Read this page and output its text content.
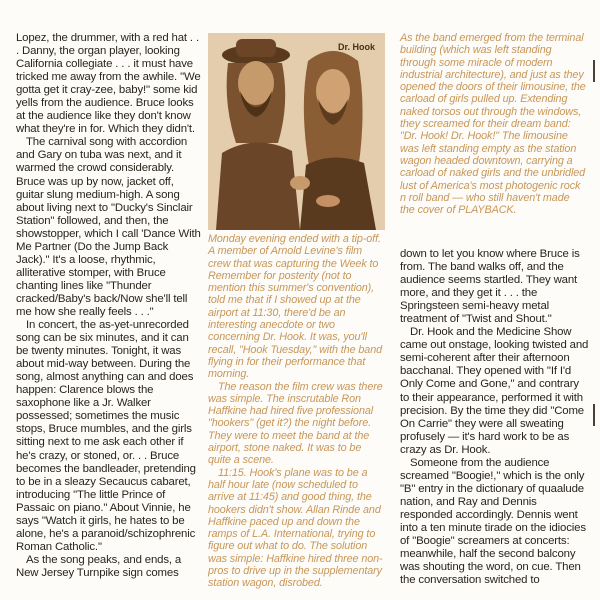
Lopez, the drummer, with a red hat . . . Danny, the organ player, looking California collegiate . . . it must have tricked me away from the awhile. "We gotta get it cray-zee, baby!" some kid yells from the audience. Bruce looks at the audience like they don't know what they're in for. Which they didn't.

The carnival song with accordion and Gary on tuba was next, and it warmed the crowd considerably. Bruce was up by now, jacket off, guitar slung medium-high. A song about living next to "Ducky's Sinclair Station" followed, and then, the showstopper, which I call 'Dance With Me Partner (Do the Jump Back Jack)." It's a loose, rhythmic, alliterative stomper, with Bruce chanting lines like "Thunder cracked/Baby's back/Now she'll tell me how she really feels . . ."

In concert, the as-yet-unrecorded song can be six minutes, and it can be twenty minutes. Tonight, it was about mid-way between. During the song, almost anything can and does happen: Clarence blows the saxophone like a Jr. Walker possessed; sometimes the music stops, Bruce mumbles, and the girls sitting next to me ask each other if he's crazy, or stoned, or. . . Bruce becomes the bandleader, pretending to be in a sleazy Secaucus cabaret, introducing "The little Prince of Passaic on piano." About Vinnie, he says "Watch it girls, he hates to be alone, he's a paranoid/schizophrenic Roman Catholic."

As the song peaks, and ends, a New Jersey Turnpike sign comes

Dr. Hook

Monday evening ended with a tip-off. A member of Arnold Levine's film crew that was capturing the Week to Remember for posterity (not to mention this summer's convention), told me that if I showed up at the airport at 11:30, there'd be an interesting anecdote or two concerning Dr. Hook. It was, you'll recall, "Hook Tuesday," with the band flying in for their performance that morning.

The reason the film crew was there was simple. The inscrutable Ron Haffkine had hired five professional "hookers" (get it?) the night before. They were to meet the band at the airport, stone naked. It was to be quite a scene.

11:15. Hook's plane was to be a half hour late (now scheduled to arrive at 11:45) and good thing, the hookers didn't show. Allan Rinde and Haffkine paced up and down the ramps of L.A. International, trying to figure out what to do. The solution was simple: Haffkine hired three non-pros to drive up in the supplementary station wagon, disrobed.

As the band emerged from the terminal building (which was left standing through some miracle of modern industrial architecture), and just as they opened the doors of their limousine, the carload of girls pulled up. Extending naked torsos out through the windows, they screamed for their dream band: "Dr. Hook! Dr. Hook!" The limousine was left standing empty as the station wagon headed downtown, carrying a carload of naked girls and the unbridled lust of America's most photogenic rock n roll band — who still haven't made the cover of PLAYBACK.

down to let you know where Bruce is from. The band walks off, and the audience seems startled. They want more, and they get it . . . the Springsteen semi-heavy metal treatment of "Twist and Shout."

Dr. Hook and the Medicine Show came out onstage, looking twisted and semi-coherent after their afternoon bacchanal. They opened with "If I'd Only Come and Gone," and contrary to their appearance, performed it with precision. By the time they did "Come On Carrie" they were all sweating profusely — it's hard work to be as crazy as Dr. Hook.

Someone from the audience screamed "Boogie!," which is the only "B" entry in the dictionary of quaalude nation, and Ray and Dennis responded accordingly. Dennis went into a ten minute tirade on the idiocies of "Boogie" screamers at concerts: meanwhile, half the second balcony was shouting the word, on cue. Then the conversation switched to
